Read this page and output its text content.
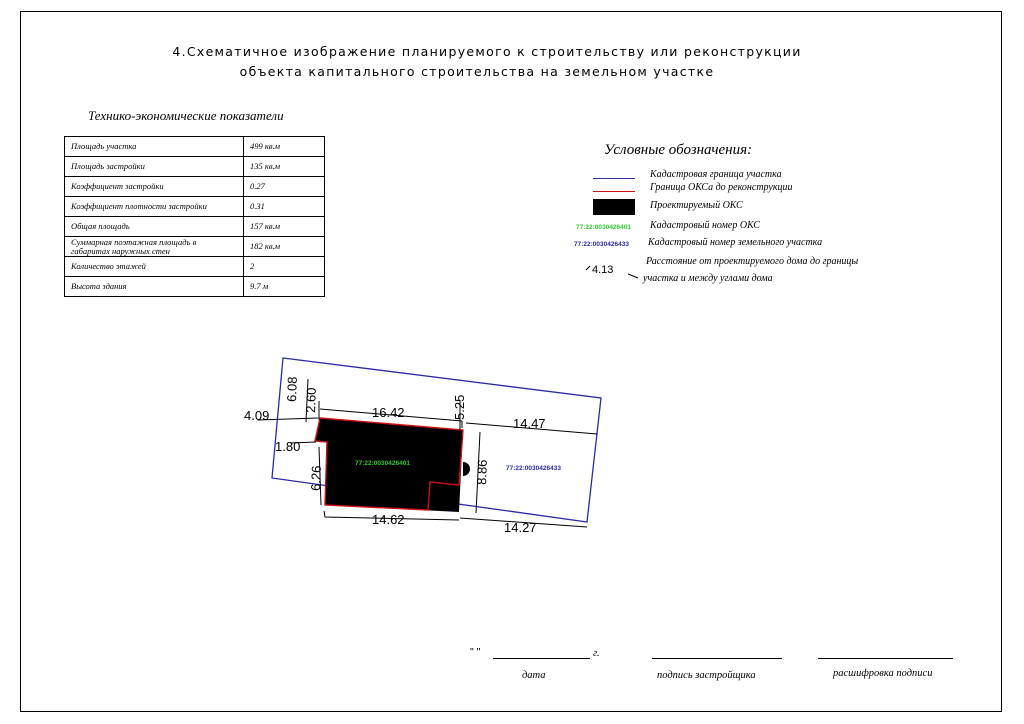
4.Схематичное изображение планируемого к строительству или реконструкции
объекта капитального строительства на земельном участке
Технико-экономические показатели
Площадь участка	499 кв.м
Площадь застройки	135 кв.м
Коэффициент застройки	0.27
Коэффициент плотности застройки	0.31
Общая площадь	157 кв.м
Суммарная поэтажная площадь в габаритах наружных стен	182 кв.м
Количество этажей	2
Высота здания	9.7 м
Условные обозначения:
Кадастровая граница участка
Граница ОКСа до реконструкции
Проектируемый ОКС
77:22:0030426401 Кадастровый номер ОКС
77:22:0030426433 Кадастровый номер земельного участка
4.13
Расстояние от проектируемого дома до границы
участка и между углами дома
77:22:0030426401
77:22:0030426433
6.08 2.60
4.09	16.42	5.25
14.47
1.80
6.26	8.86
14.62
14.27
" "	г.
дата	подпись застройщика	расшифровка подписи
